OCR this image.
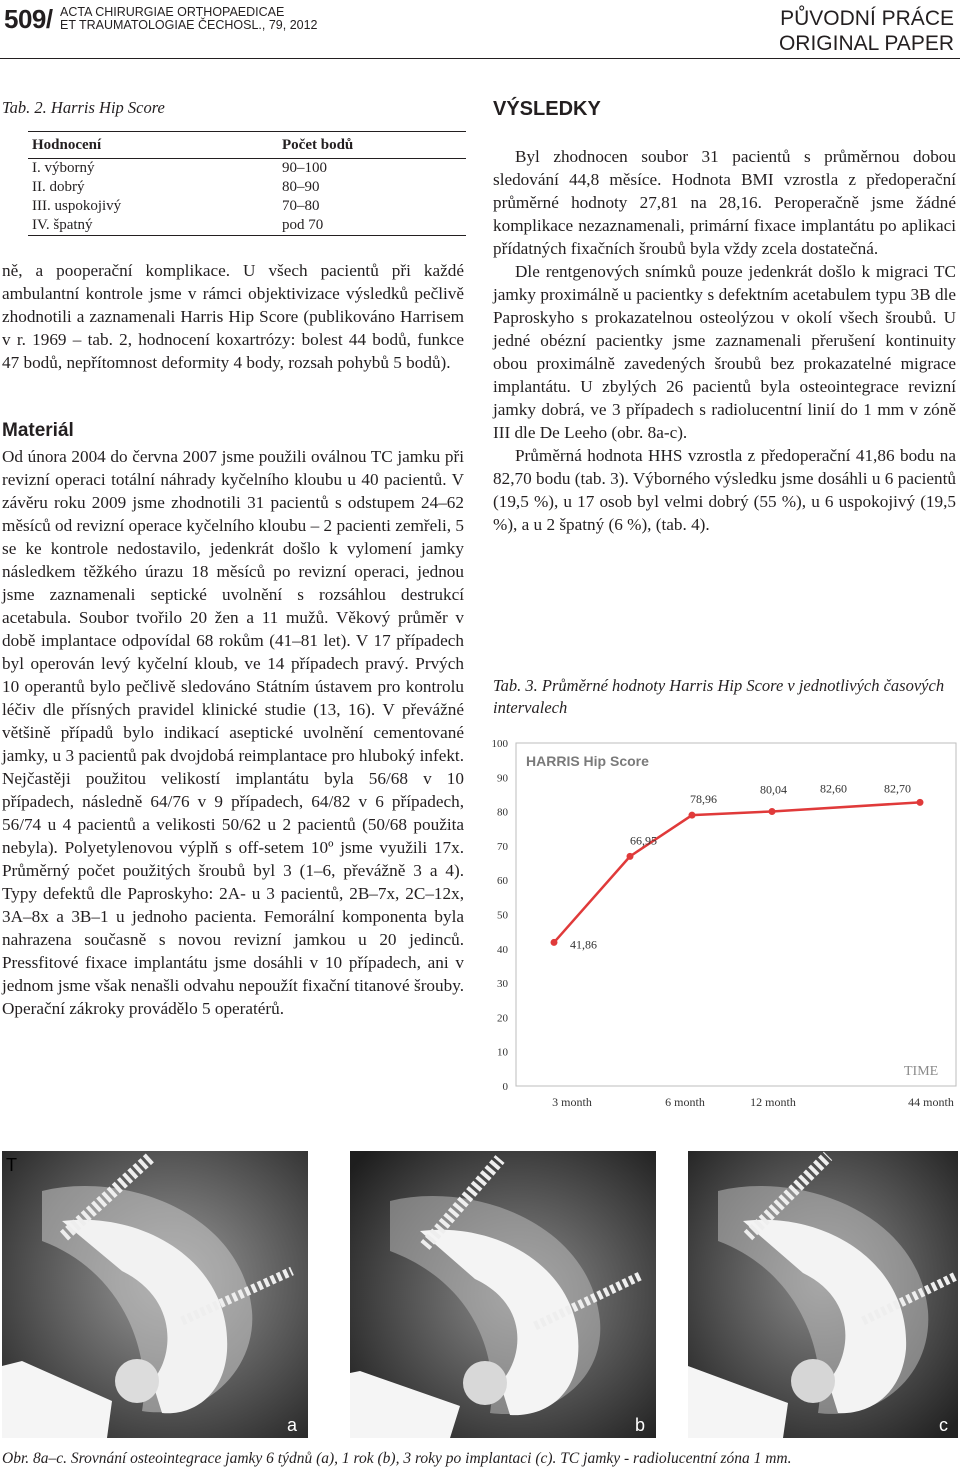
509/ ACTA CHIRURGIAE ORTHOPAEDICAE
ET TRAUMATOLOGIAE ČECHOSL., 79, 2012	PŮVODNÍ PRÁCE
ORIGINAL PAPER
Tab. 2. Harris Hip Score
Hodnocení	Počet bodů
I. výborný	90–100
II. dobrý	80–90
III. uspokojivý	70–80
IV. špatný	pod 70

ně, a pooperační komplikace. U všech pacientů při každé ambulantní kontrole jsme v rámci objektivizace výsledků pečlivě zhodnotili a zaznamenali Harris Hip Score (publikováno Harrisem v r. 1969 – tab. 2, hodnocení koxartrózy: bolest 44 bodů, funkce 47 bodů, nepřítomnost deformity 4 body, rozsah pohybů 5 bodů).

Materiál

Od února 2004 do června 2007 jsme použili oválnou TC jamku při revizní operaci totální náhrady kyčelního kloubu u 40 pacientů. V závěru roku 2009 jsme zhodnotili 31 pacientů s odstupem 24–62 měsíců od revizní operace kyčelního kloubu – 2 pacienti zemřeli, 5 se ke kontrole nedostavilo, jedenkrát došlo k vylomení jamky následkem těžkého úrazu 18 měsíců po revizní operaci, jednou jsme zaznamenali septické uvolnění s rozsáhlou destrukcí acetabula. Soubor tvořilo 20 žen a 11 mužů. Věkový průměr v době implantace odpovídal 68 rokům (41–81 let). V 17 případech byl operován levý kyčelní kloub, ve 14 případech pravý. Prvých 10 operantů bylo pečlivě sledováno Státním ústavem pro kontrolu léčiv dle přísných pravidel klinické studie (13, 16). V převážné většině případů bylo indikací aseptické uvolnění cementované jamky, u 3 pacientů pak dvojdobá reimplantace pro hluboký infekt. Nejčastěji použitou velikostí implantátu byla 56/68 v 10 případech, následně 64/76 v 9 případech, 64/82 v 6 případech, 56/74 u 4 pacientů a velikosti 50/62 u 2 pacientů (50/68 použita nebyla). Polyetylenovou výplň s off-setem 10º jsme využili 17x. Průměrný počet použitých šroubů byl 3 (1–6, převážně 3 a 4). Typy defektů dle Paproskyho: 2A- u 3 pacientů, 2B–7x, 2C–12x, 3A–8x a 3B–1 u jednoho pacienta. Femorální komponenta byla nahrazena současně s novou revizní jamkou u 20 jedinců. Pressfitové fixace implantátu jsme dosáhli v 10 případech, ani v jednom jsme však nenašli odvahu nepoužít fixační titanové šrouby. Operační zákroky provádělo 5 operatérů.

VÝSLEDKY

Byl zhodnocen soubor 31 pacientů s průměrnou dobou sledování 44,8 měsíce. Hodnota BMI vzrostla z předoperační průměrné hodnoty 27,81 na 28,16. Peroperačně jsme žádné komplikace nezaznamenali, primární fixace implantátu po aplikaci přídatných fixačních šroubů byla vždy zcela dostatečná.

Dle rentgenových snímků pouze jedenkrát došlo k migraci TC jamky proximálně u pacientky s defektním acetabulem typu 3B dle Paproskyho s prokazatelnou osteolýzou v okolí všech šroubů. U jedné obézní pacientky jsme zaznamenali přerušení kontinuity obou proximálně zavedených šroubů bez prokazatelné migrace implantátu. U zbylých 26 pacientů byla osteointegrace revizní jamky dobrá, ve 3 případech s radiolucentní linií do 1 mm v zóně III dle De Leeho (obr. 8a-c).

Průměrná hodnota HHS vzrostla z předoperační 41,86 bodu na 82,70 bodu (tab. 3). Výborného výsledku jsme dosáhli u 6 pacientů (19,5 %), u 17 osob byl velmi dobrý (55 %), u 6 uspokojivý (19,5 %), a u 2 špatný (6 %), (tab. 4).

Tab. 3. Průměrné hodnoty Harris Hip Score v jednotlivých časových intervalech
0
10
20
30
40
50
60
70
80
90
100
HARRIS Hip Score
41,86
66,95
78,96
80,04	82,60	82,70
TIME
3 month	6 month	12 month	44 month
T
a	b	c
Obr. 8a–c. Srovnání osteointegrace jamky 6 týdnů (a), 1 rok (b), 3 roky po implantaci (c). TC jamky - radiolucentní zóna 1 mm.
